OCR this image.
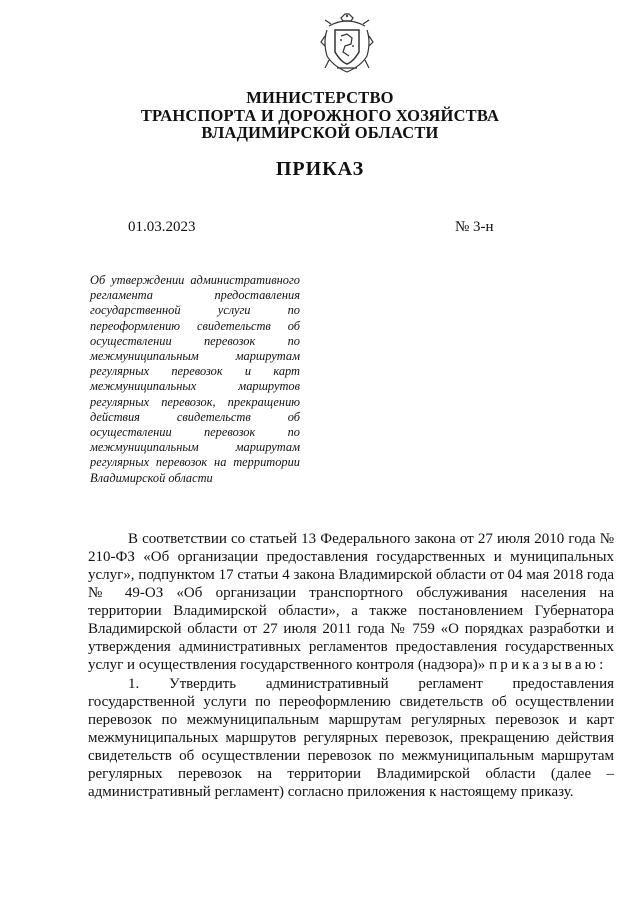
МИНИСТЕРСТВО
ТРАНСПОРТА И ДОРОЖНОГО ХОЗЯЙСТВА
ВЛАДИМИРСКОЙ ОБЛАСТИ
ПРИКАЗ
01.03.2023	№ 3-н
Об утверждении административного регламента предоставления государственной услуги по переоформлению свидетельств об осуществлении перевозок по межмуниципальным маршрутам регулярных перевозок и карт межмуниципальных маршрутов регулярных перевозок, прекращению действия свидетельств об осуществлении перевозок по межмуниципальным маршрутам регулярных перевозок на территории Владимирской области
В соответствии со статьей 13 Федерального закона от 27 июля 2010 года № 210-ФЗ «Об организации предоставления государственных и муниципальных услуг», подпунктом 17 статьи 4 закона Владимирской области от 04 мая 2018 года № 49-ОЗ «Об организации транспортного обслуживания населения на территории Владимирской области», а также постановлением Губернатора Владимирской области от 27 июля 2011 года № 759 «О порядках разработки и утверждения административных регламентов предоставления государственных услуг и осуществления государственного контроля (надзора)» приказываю:
1. Утвердить административный регламент предоставления государственной услуги по переоформлению свидетельств об осуществлении перевозок по межмуниципальным маршрутам регулярных перевозок и карт межмуниципальных маршрутов регулярных перевозок, прекращению действия свидетельств об осуществлении перевозок по межмуниципальным маршрутам регулярных перевозок на территории Владимирской области (далее – административный регламент) согласно приложения к настоящему приказу.
